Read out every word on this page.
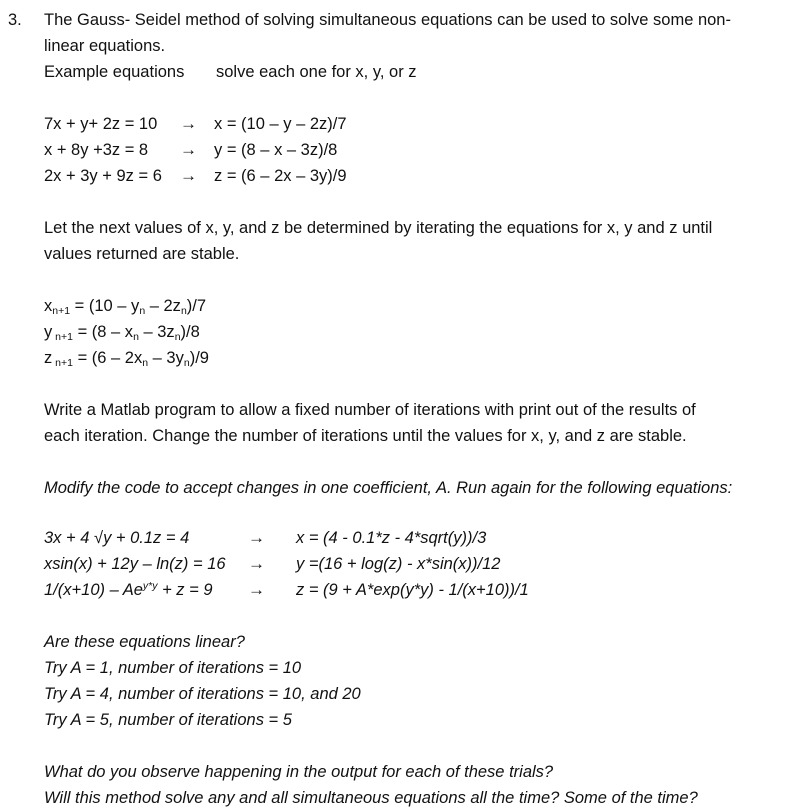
3. The Gauss- Seidel method of solving simultaneous equations can be used to solve some non-
linear equations.
Example equations solve each one for x, y, or z
7x + y+ 2z = 10 → x = (10 – y – 2z)/7
x + 8y +3z = 8 → y = (8 – x – 3z)/8
2x + 3y + 9z = 6 → z = (6 – 2x – 3y)/9
Let the next values of x, y, and z be determined by iterating the equations for x, y and z until
values returned are stable.
xn+1 = (10 – yn – 2zn)/7
y n+1 = (8 – xn – 3zn)/8
z n+1 = (6 – 2xn – 3yn)/9
Write a Matlab program to allow a fixed number of iterations with print out of the results of
each iteration. Change the number of iterations until the values for x, y, and z are stable.
Modify the code to accept changes in one coefficient, A. Run again for the following equations:
3x + 4 √y + 0.1z = 4	→ x = (4 - 0.1*z - 4*sqrt(y))/3
xsin(x) + 12y – ln(z) = 16 → y =(16 + log(z) - x*sin(x))/12
$1/(x+10) - Ae^{y*y} + z = 9 \to z = (9 + A*\exp(y*y) - 1/(x+10))/1$
Are these equations linear?
Try A = 1, number of iterations = 10
Try A = 4, number of iterations = 10, and 20
Try A = 5, number of iterations = 5
What do you observe happening in the output for each of these trials?
Will this method solve any and all simultaneous equations all the time? Some of the time?
